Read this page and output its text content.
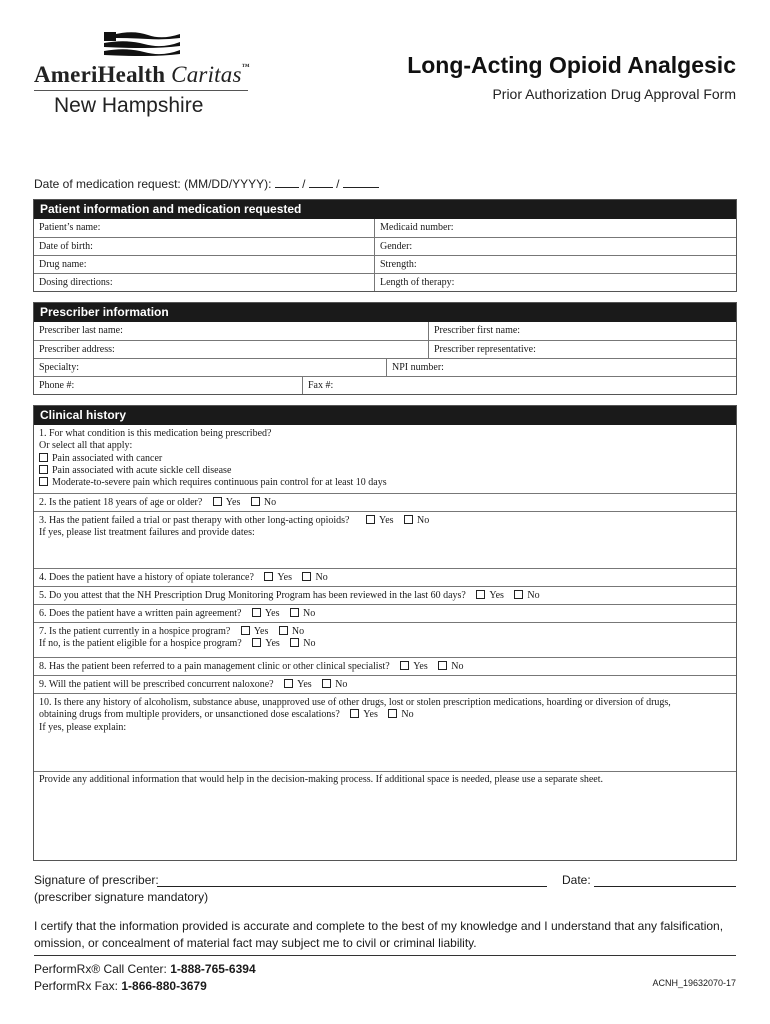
AmeriHealth Caritas™
New Hampshire
Long-Acting Opioid Analgesic
Prior Authorization Drug Approval Form
Date of medication request: (MM/DD/YYYY):	/	/
Patient information and medication requested
Patient’s name:	Medicaid number:
Date of birth:	Gender:
Drug name:	Strength:
Dosing directions:	Length of therapy:
Prescriber information
Prescriber last name:	Prescriber first name:
Prescriber address:	Prescriber representative:
Specialty:	NPI number:
Phone #:	Fax #:
Clinical history
1. For what condition is this medication being prescribed?
Or select all that apply:
Pain associated with cancer
Pain associated with acute sickle cell disease
Moderate-to-severe pain which requires continuous pain control for at least 10 days
2. Is the patient 18 years of age or older? Yes No
3. Has the patient failed a trial or past therapy with other long-acting opioids?	Yes No
If yes, please list treatment failures and provide dates:
4. Does the patient have a history of opiate tolerance? Yes No
5. Do you attest that the NH Prescription Drug Monitoring Program has been reviewed in the last 60 days? Yes No
6. Does the patient have a written pain agreement? Yes No
7. Is the patient currently in a hospice program? Yes No
If no, is the patient eligible for a hospice program? Yes No
8. Has the patient been referred to a pain management clinic or other clinical specialist? Yes No
9. Will the patient will be prescribed concurrent naloxone? Yes No
10. Is there any history of alcoholism, substance abuse, unapproved use of other drugs, lost or stolen prescription medications, hoarding or diversion of drugs,
obtaining drugs from multiple providers, or unsanctioned dose escalations? Yes No
If yes, please explain:
Provide any additional information that would help in the decision-making process. If additional space is needed, please use a separate sheet.
Signature of prescriber:	Date:
(prescriber signature mandatory)
I certify that the information provided is accurate and complete to the best of my knowledge and I understand that any falsification, omission, or concealment of material fact may subject me to civil or criminal liability.
PerformRx® Call Center: 1-888-765-6394
PerformRx Fax: 1-866-880-3679	ACNH_19632070-17
